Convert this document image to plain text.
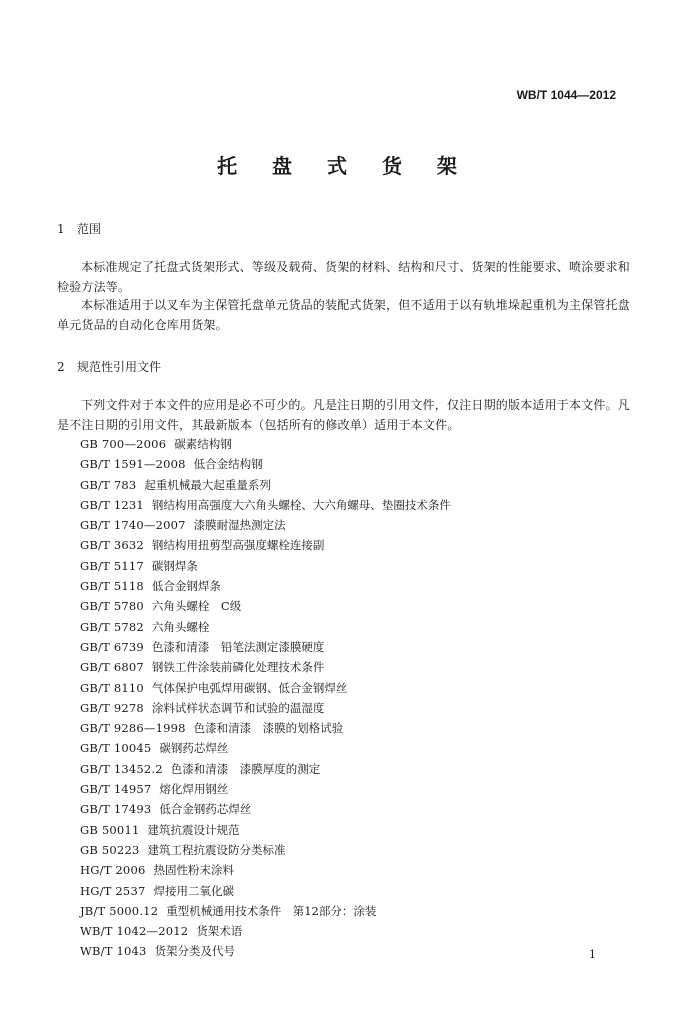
WB/T 1044—2012
托 盘 式 货 架
1 范围
本标准规定了托盘式货架形式、等级及载荷、货架的材料、结构和尺寸、货架的性能要求、喷涂要求和检验方法等。
本标准适用于以叉车为主保管托盘单元货品的装配式货架，但不适用于以有轨堆垛起重机为主保管托盘单元货品的自动化仓库用货架。
2 规范性引用文件
下列文件对于本文件的应用是必不可少的。凡是注日期的引用文件，仅注日期的版本适用于本文件。凡是不注日期的引用文件，其最新版本（包括所有的修改单）适用于本文件。
GB 700—2006 碳素结构钢
GB/T 1591—2008 低合金结构钢
GB/T 783 起重机械最大起重量系列
GB/T 1231 钢结构用高强度大六角头螺栓、大六角螺母、垫圈技术条件
GB/T 1740—2007 漆膜耐湿热测定法
GB/T 3632 钢结构用扭剪型高强度螺栓连接副
GB/T 5117 碳钢焊条
GB/T 5118 低合金钢焊条
GB/T 5780 六角头螺栓　C级
GB/T 5782 六角头螺栓
GB/T 6739 色漆和清漆　铅笔法测定漆膜硬度
GB/T 6807 钢铁工件涂装前磷化处理技术条件
GB/T 8110 气体保护电弧焊用碳钢、低合金钢焊丝
GB/T 9278 涂料试样状态调节和试验的温湿度
GB/T 9286—1998 色漆和清漆　漆膜的划格试验
GB/T 10045 碳钢药芯焊丝
GB/T 13452.2 色漆和清漆　漆膜厚度的测定
GB/T 14957 熔化焊用钢丝
GB/T 17493 低合金钢药芯焊丝
GB 50011 建筑抗震设计规范
GB 50223 建筑工程抗震设防分类标准
HG/T 2006 热固性粉末涂料
HG/T 2537 焊接用二氧化碳
JB/T 5000.12 重型机械通用技术条件　第12部分：涂装
WB/T 1042—2012 货架术语
WB/T 1043 货架分类及代号	1
